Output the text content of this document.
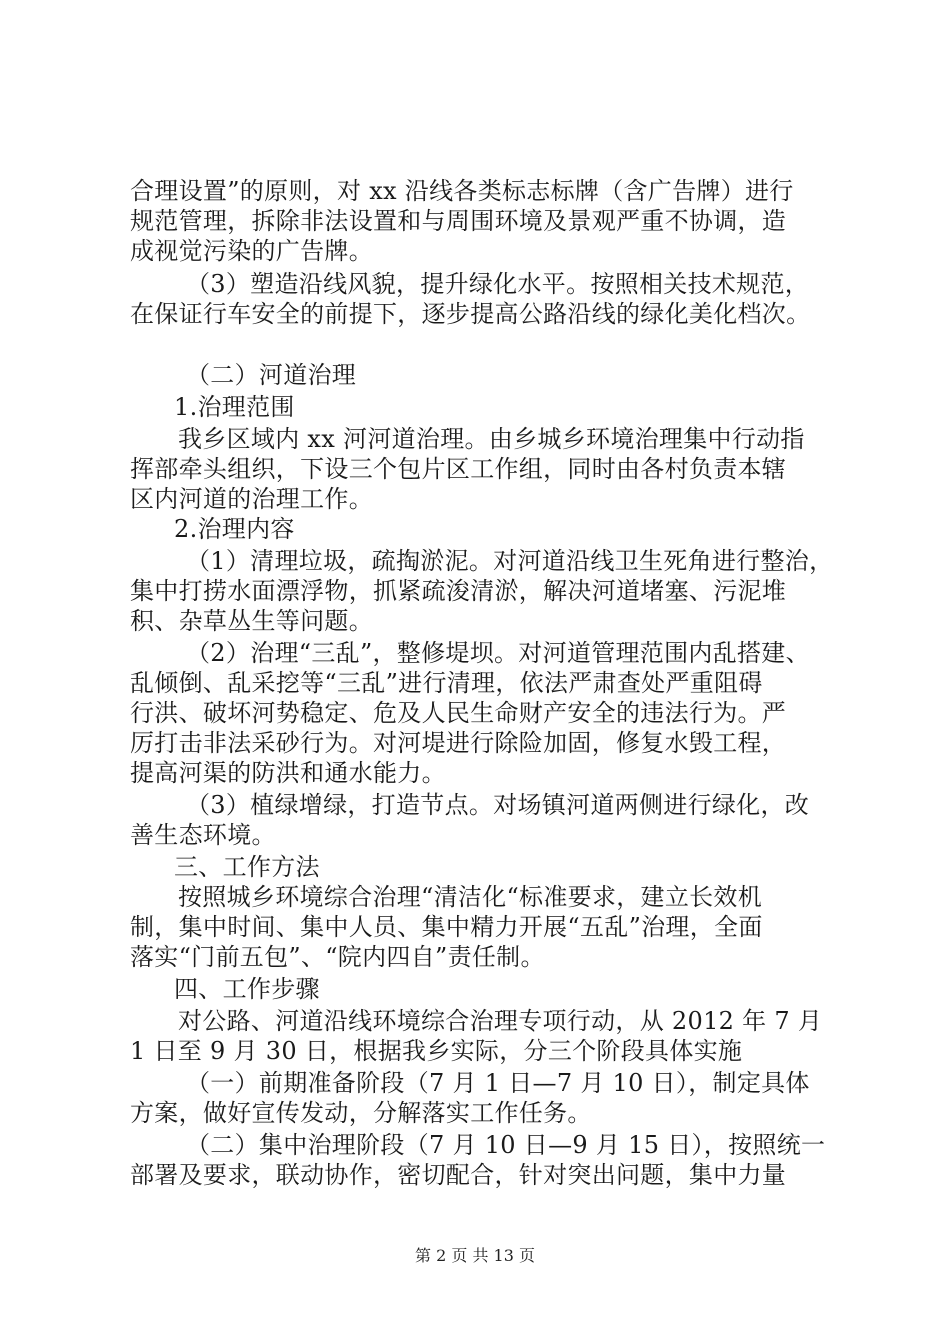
合理设置”的原则，对 xx 沿线各类标志标牌（含广告牌）进行
规范管理，拆除非法设置和与周围环境及景观严重不协调，造
成视觉污染的广告牌。
（3）塑造沿线风貌，提升绿化水平。按照相关技术规范，
在保证行车安全的前提下，逐步提高公路沿线的绿化美化档次。
（二）河道治理
1.治理范围
我乡区域内 xx 河河道治理。由乡城乡环境治理集中行动指
挥部牵头组织，下设三个包片区工作组，同时由各村负责本辖
区内河道的治理工作。
2.治理内容
（1）清理垃圾，疏掏淤泥。对河道沿线卫生死角进行整治，
集中打捞水面漂浮物，抓紧疏浚清淤，解决河道堵塞、污泥堆
积、杂草丛生等问题。
（2）治理“三乱”，整修堤坝。对河道管理范围内乱搭建、
乱倾倒、乱采挖等“三乱”进行清理，依法严肃查处严重阻碍
行洪、破坏河势稳定、危及人民生命财产安全的违法行为。严
厉打击非法采砂行为。对河堤进行除险加固，修复水毁工程，
提高河渠的防洪和通水能力。
（3）植绿增绿，打造节点。对场镇河道两侧进行绿化，改
善生态环境。
三、工作方法
按照城乡环境综合治理“清洁化“标准要求，建立长效机
制，集中时间、集中人员、集中精力开展“五乱”治理，全面
落实“门前五包”、“院内四自”责任制。
四、工作步骤
对公路、河道沿线环境综合治理专项行动，从 2012 年 7 月
1 日至 9 月 30 日，根据我乡实际，分三个阶段具体实施
（一）前期准备阶段（7 月 1 日—7 月 10 日），制定具体
方案，做好宣传发动，分解落实工作任务。
（二）集中治理阶段（7 月 10 日—9 月 15 日），按照统一
部署及要求，联动协作，密切配合，针对突出问题，集中力量
第 2 页 共 13 页
